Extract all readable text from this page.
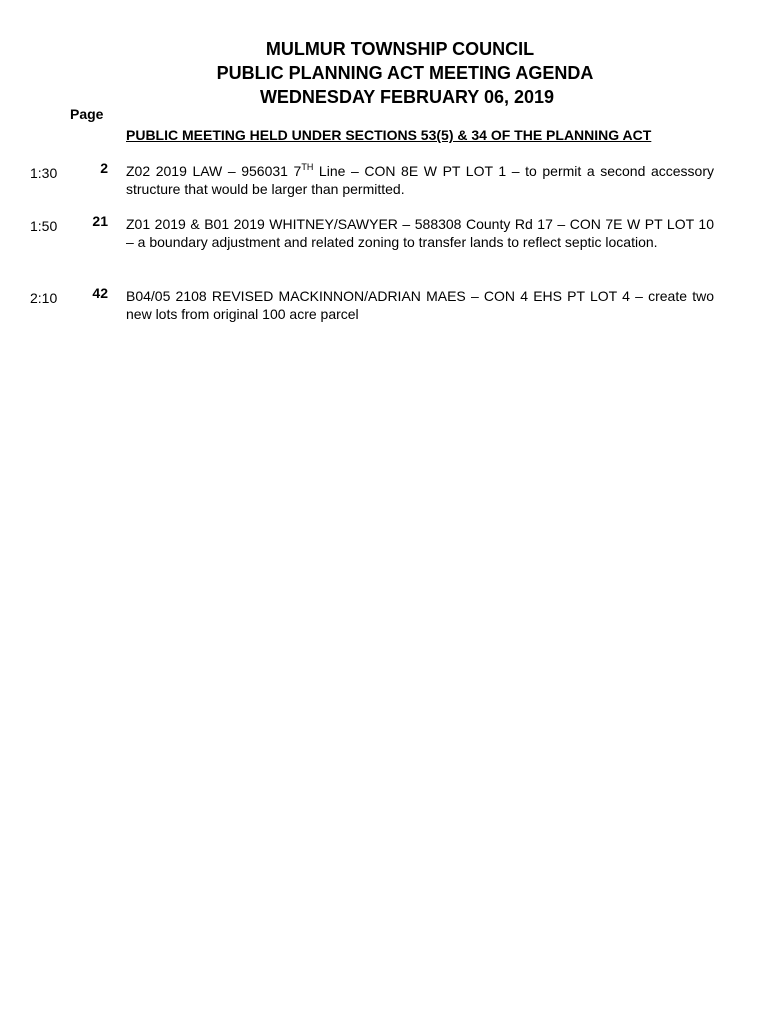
MULMUR TOWNSHIP COUNCIL
PUBLIC PLANNING ACT MEETING AGENDA
WEDNESDAY FEBRUARY 06, 2019
Page
PUBLIC MEETING HELD UNDER SECTIONS 53(5) & 34 OF THE PLANNING ACT
1:30	2 Z02 2019 LAW – 956031 7TH Line – CON 8E W PT LOT 1 – to permit a second accessory structure that would be larger than permitted.
1:50	21 Z01 2019 & B01 2019 WHITNEY/SAWYER – 588308 County Rd 17 – CON 7E W PT LOT 10 – a boundary adjustment and related zoning to transfer lands to reflect septic location.
2:10	42 B04/05 2108 REVISED MACKINNON/ADRIAN MAES – CON 4 EHS PT LOT 4 – create two new lots from original 100 acre parcel
